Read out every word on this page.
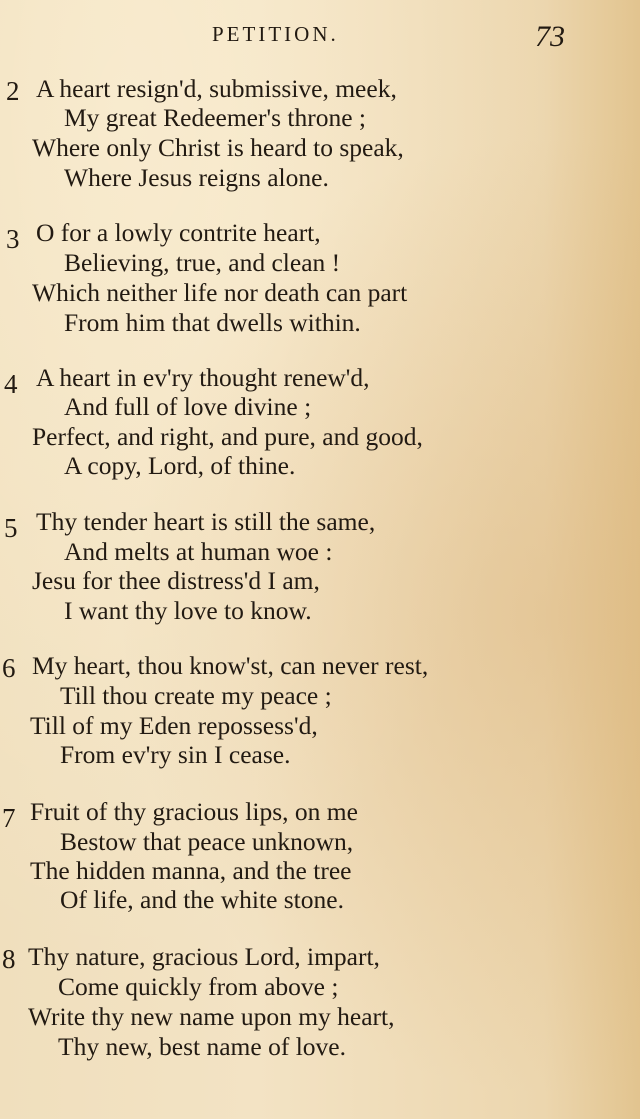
PETITION.	73
2 A heart resign'd, submissive, meek,
My great Redeemer's throne ;
Where only Christ is heard to speak,
Where Jesus reigns alone.
3 O for a lowly contrite heart,
Believing, true, and clean !
Which neither life nor death can part
From him that dwells within.
4 A heart in ev'ry thought renew'd,
And full of love divine ;
Perfect, and right, and pure, and good,
A copy, Lord, of thine.
5 Thy tender heart is still the same,
And melts at human woe :
Jesu for thee distress'd I am,
I want thy love to know.
6 My heart, thou know'st, can never rest,
Till thou create my peace ;
Till of my Eden repossess'd,
From ev'ry sin I cease.
7 Fruit of thy gracious lips, on me
Bestow that peace unknown,
The hidden manna, and the tree
Of life, and the white stone.
8 Thy nature, gracious Lord, impart,
Come quickly from above ;
Write thy new name upon my heart,
Thy new, best name of love.
